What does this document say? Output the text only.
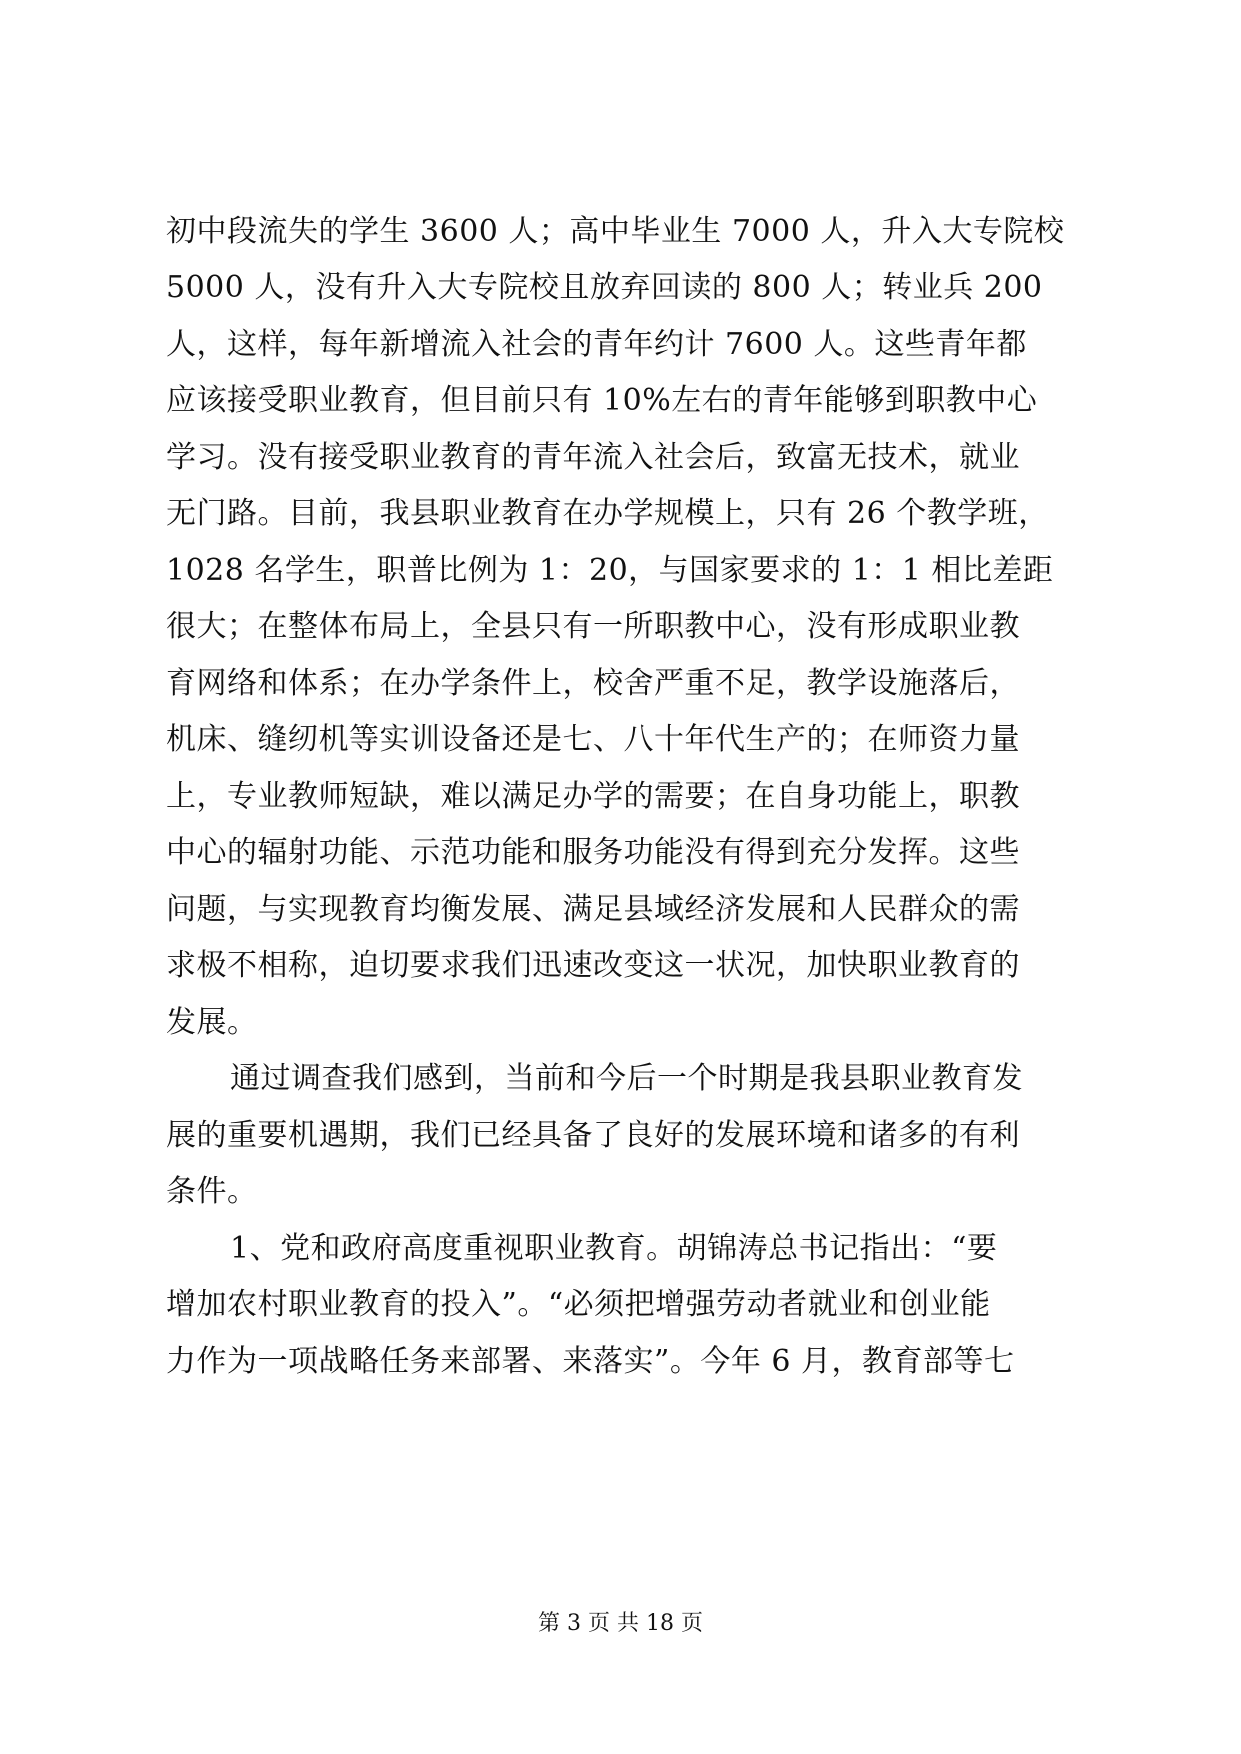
初中段流失的学生 3600 人；高中毕业生 7000 人，升入大专院校
5000 人，没有升入大专院校且放弃回读的 800 人；转业兵 200
人，这样，每年新增流入社会的青年约计 7600 人。这些青年都
应该接受职业教育，但目前只有 10%左右的青年能够到职教中心
学习。没有接受职业教育的青年流入社会后，致富无技术，就业
无门路。目前，我县职业教育在办学规模上，只有 26 个教学班，
1028 名学生，职普比例为 1：20，与国家要求的 1：1 相比差距
很大；在整体布局上，全县只有一所职教中心，没有形成职业教
育网络和体系；在办学条件上，校舍严重不足，教学设施落后，
机床、缝纫机等实训设备还是七、八十年代生产的；在师资力量
上，专业教师短缺，难以满足办学的需要；在自身功能上，职教
中心的辐射功能、示范功能和服务功能没有得到充分发挥。这些
问题，与实现教育均衡发展、满足县域经济发展和人民群众的需
求极不相称，迫切要求我们迅速改变这一状况，加快职业教育的
发展。
通过调查我们感到，当前和今后一个时期是我县职业教育发
展的重要机遇期，我们已经具备了良好的发展环境和诸多的有利
条件。
1、党和政府高度重视职业教育。胡锦涛总书记指出：“要
增加农村职业教育的投入”。“必须把增强劳动者就业和创业能
力作为一项战略任务来部署、来落实”。今年 6 月，教育部等七
第 3 页 共 18 页
